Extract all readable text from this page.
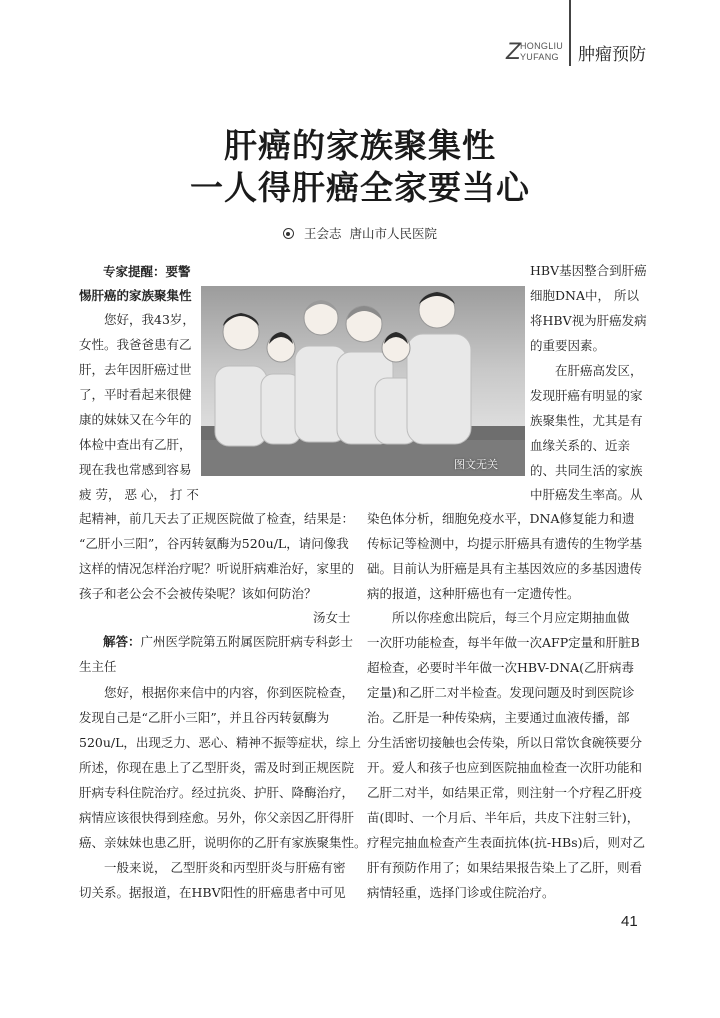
Z HONGLIU
YUFANG 肿瘤预防
肝癌的家族聚集性
一人得肝癌全家要当心
王会志 唐山市人民医院
图文无关
专家提醒：要警
惕肝癌的家族聚集性
　　您好，我43岁，
女性。我爸爸患有乙
肝，去年因肝癌过世
了，平时看起来很健
康的妹妹又在今年的
体检中查出有乙肝，
现在我也常感到容易
疲 劳， 恶 心， 打 不
起精神，前几天去了正规医院做了检查，结果是：
“乙肝小三阳”，谷丙转氨酶为520u/L，请问像我
这样的情况怎样治疗呢？听说肝病难治好，家里的
孩子和老公会不会被传染呢？该如何防治？
汤女士
解答：广州医学院第五附属医院肝病专科彭士
生主任
　　您好，根据你来信中的内容，你到医院检查，
发现自己是“乙肝小三阳”，并且谷丙转氨酶为
520u/L，出现乏力、恶心、精神不振等症状，综上
所述，你现在患上了乙型肝炎，需及时到正规医院
肝病专科住院治疗。经过抗炎、护肝、降酶治疗，
病情应该很快得到痊愈。另外，你父亲因乙肝得肝
癌、亲妹妹也患乙肝，说明你的乙肝有家族聚集性。
　　一般来说， 乙型肝炎和丙型肝炎与肝癌有密
切关系。据报道，在HBV阳性的肝癌患者中可见
HBV基因整合到肝癌
细胞DNA中， 所以
将HBV视为肝癌发病
的重要因素。
　　在肝癌高发区，
发现肝癌有明显的家
族聚集性，尤其是有
血缘关系的、近亲
的、共同生活的家族
中肝癌发生率高。从
染色体分析，细胞免疫水平，DNA修复能力和遗
传标记等检测中，均提示肝癌具有遗传的生物学基
础。目前认为肝癌是具有主基因效应的多基因遗传
病的报道，这种肝癌也有一定遗传性。
　　所以你痊愈出院后，每三个月应定期抽血做
一次肝功能检查，每半年做一次AFP定量和肝脏B
超检查，必要时半年做一次HBV-DNA(乙肝病毒
定量)和乙肝二对半检查。发现问题及时到医院诊
治。乙肝是一种传染病，主要通过血液传播，部
分生活密切接触也会传染，所以日常饮食碗筷要分
开。爱人和孩子也应到医院抽血检查一次肝功能和
乙肝二对半，如结果正常，则注射一个疗程乙肝疫
苗(即时、一个月后、半年后，共皮下注射三针)，
疗程完抽血检查产生表面抗体(抗-HBs)后，则对乙
肝有预防作用了；如果结果报告染上了乙肝，则看
病情轻重，选择门诊或住院治疗。
41
